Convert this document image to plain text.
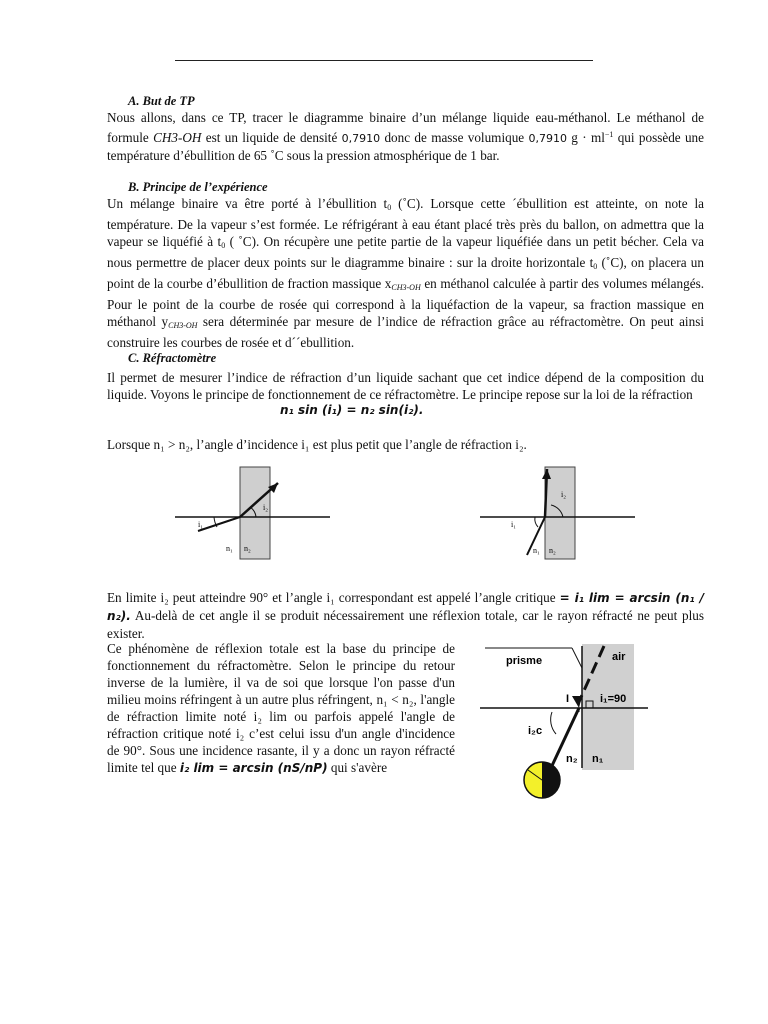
A. But de TP
Nous allons, dans ce TP, tracer le diagramme binaire d’un mélange liquide eau-méthanol. Le méthanol de formule CH3-OH est un liquide de densité 0,7910 donc de masse volumique 0,7910 $g \cdot ml^{-1}$ qui possède une température d’ébullition de 65 ˚C sous la pression atmosphérique de 1 bar.
B. Principe de l’expérience
Un mélange binaire va être porté à l’ébullition $t_0$ (˚C). Lorsque cette ´ébullition est atteinte, on note la température. De la vapeur s’est formée. Le réfrigérant à eau étant placé très près du ballon, on admettra que la vapeur se liquéfié à $t_0$ ( ˚C). On récupère une petite partie de la vapeur liquéfiée dans un petit bécher. Cela va nous permettre de placer deux points sur le diagramme binaire : sur la droite horizontale $t_0$ (˚C), on placera un point de la courbe d’ébullition de fraction massique $x_{CH3-OH}$ en méthanol calculée à partir des volumes mélangés. Pour le point de la courbe de rosée qui correspond à la liquéfaction de la vapeur, sa fraction massique en méthanol $y_{CH3-OH}$ sera déterminée par mesure de l’indice de réfraction grâce au réfractomètre. On peut ainsi construire les courbes de rosée et d´´ebullition.
C. Réfractomètre
Il permet de mesurer l’indice de réfraction d’un liquide sachant que cet indice dépend de la composition du liquide. Voyons le principe de fonctionnement de ce réfractomètre. Le principe repose sur la loi de la réfraction
n₁ sin (i₁) = n₂ sin(i₂).
Lorsque n₁ > n₂, l’angle d’incidence i₁ est plus petit que l’angle de réfraction i₂.
i₁
i₂
n₁ n₂
i₁
i₂
n₁ n₂
En limite i₂ peut atteindre 90° et l’angle i₁ correspondant est appelé l’angle critique = i₁ lim = arcsin (n₁ / n₂). Au-delà de cet angle il se produit nécessairement une réflexion totale, car le rayon réfracté ne peut plus exister.
Ce phénomène de réflexion totale est la base du principe de fonctionnement du réfractomètre. Selon le principe du retour inverse de la lumière, il va de soi que lorsque l'on passe d'un milieu moins réfringent à un autre plus réfringent, n₁ < n₂, l'angle de réfraction limite noté i₂ lim ou parfois appelé l'angle de réfraction critique noté i₂ c’est celui issu d'un angle d'incidence de 90°. Sous une incidence rasante, il y a donc un rayon réfracté limite tel que i₂ lim = arcsin (nS/nP) qui s'avère
prisme	air
I	i₁=90
i₂c
n₂ n₁
